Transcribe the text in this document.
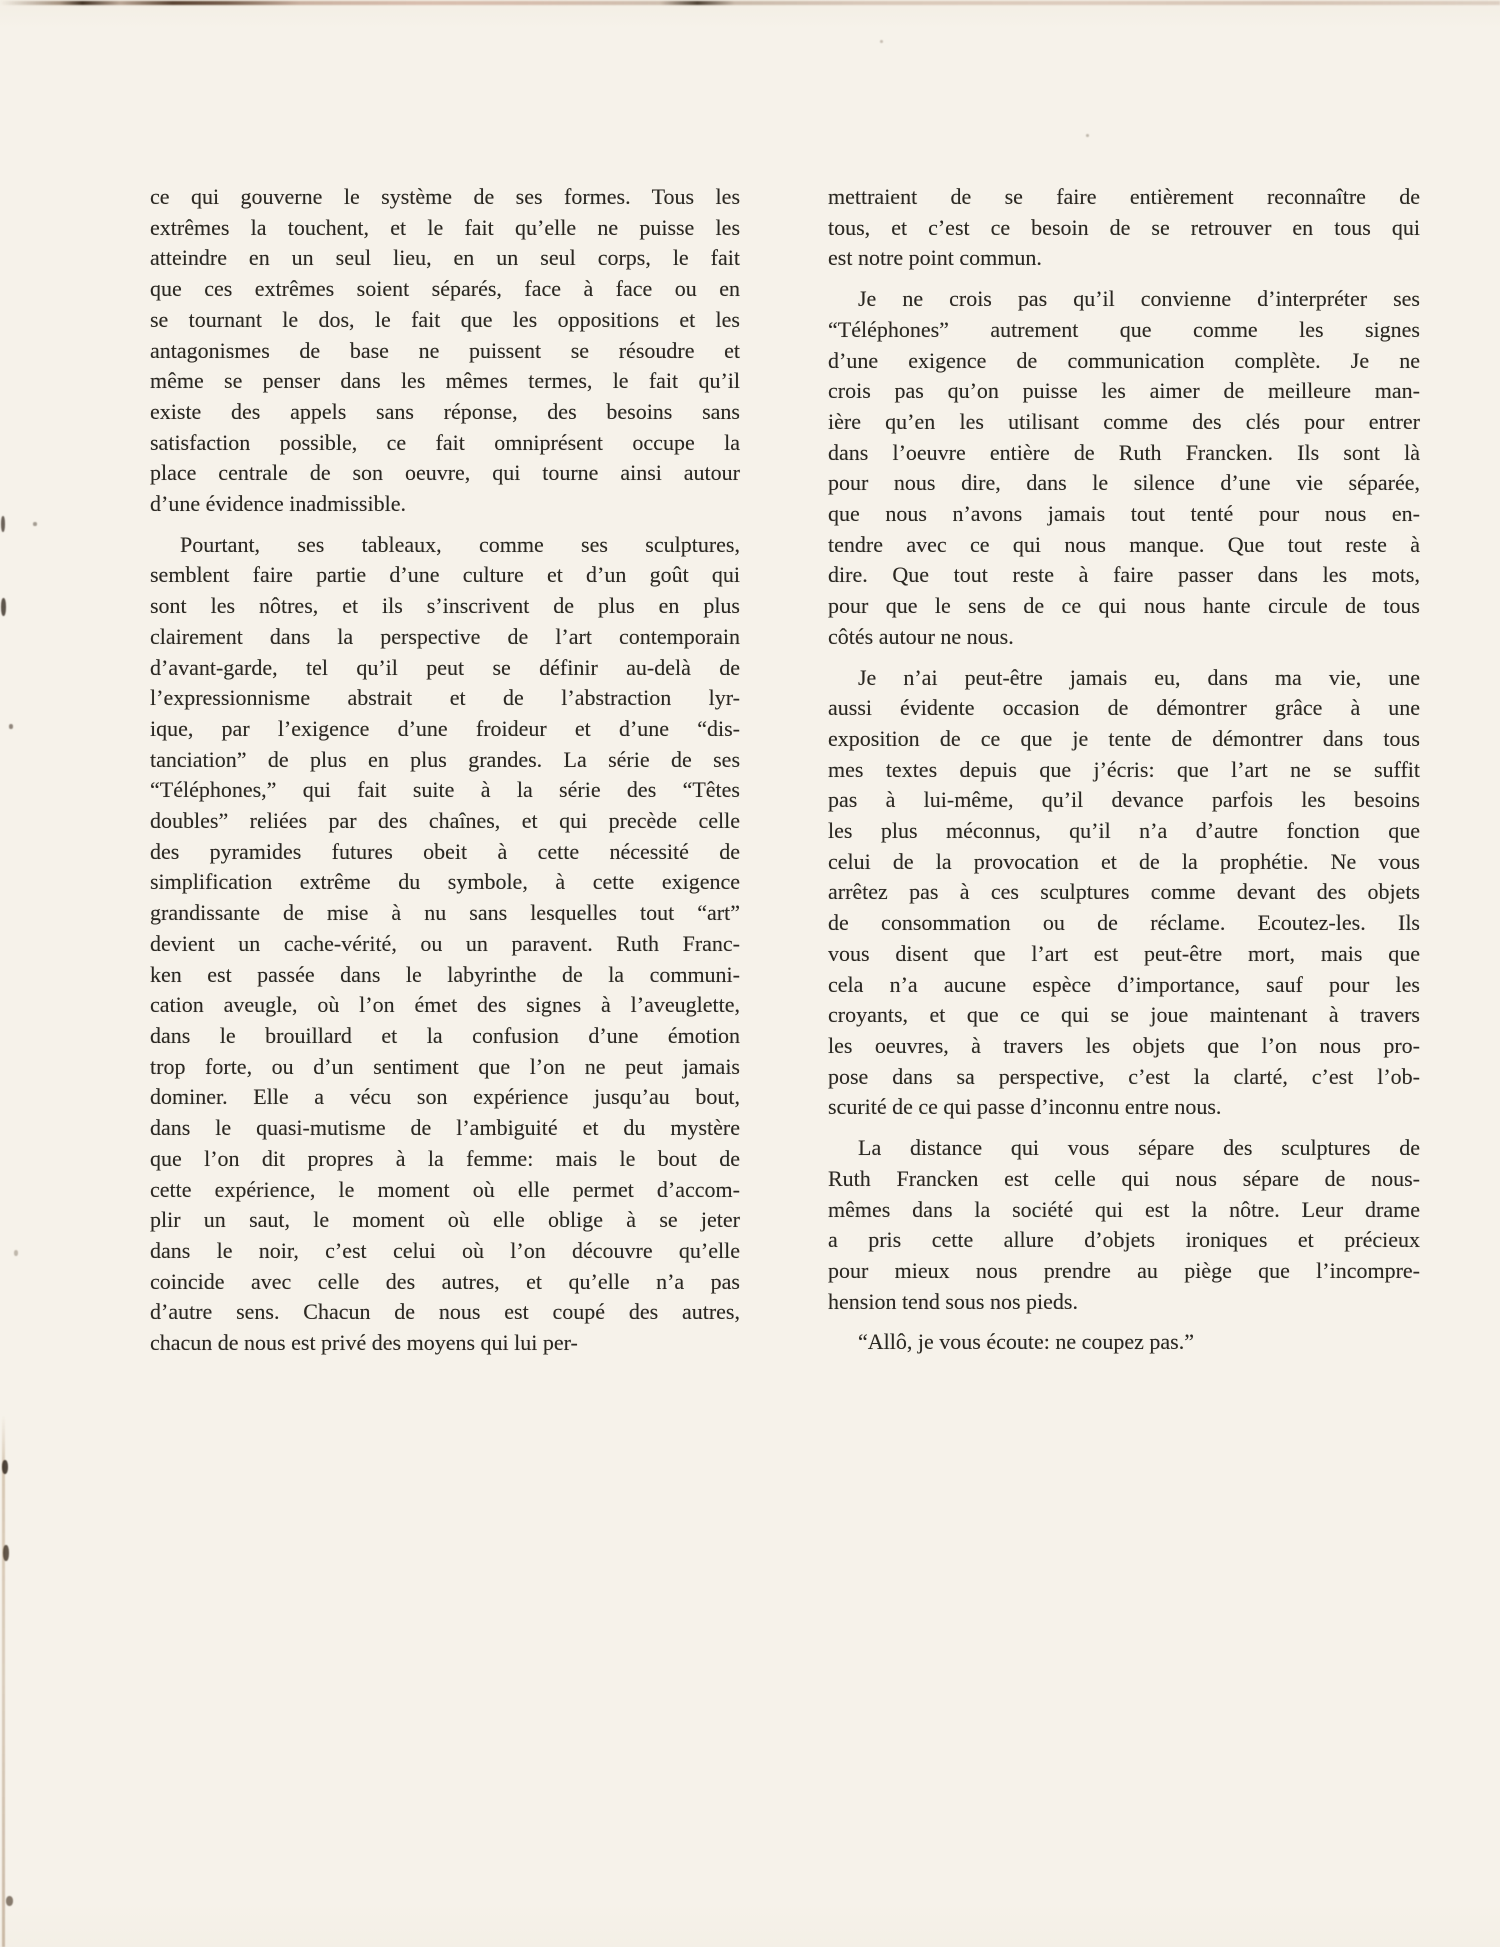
ce qui gouverne le système de ses formes. Tous les
extrêmes la touchent, et le fait qu’elle ne puisse les
atteindre en un seul lieu, en un seul corps, le fait
que ces extrêmes soient séparés, face à face ou en
se tournant le dos, le fait que les oppositions et les
antagonismes de base ne puissent se résoudre et
même se penser dans les mêmes termes, le fait qu’il
existe des appels sans réponse, des besoins sans
satisfaction possible, ce fait omniprésent occupe la
place centrale de son oeuvre, qui tourne ainsi autour
d’une évidence inadmissible.
Pourtant, ses tableaux, comme ses sculptures,
semblent faire partie d’une culture et d’un goût qui
sont les nôtres, et ils s’inscrivent de plus en plus
clairement dans la perspective de l’art contemporain
d’avant-garde, tel qu’il peut se définir au-delà de
l’expressionnisme abstrait et de l’abstraction lyr-
ique, par l’exigence d’une froideur et d’une “dis-
tanciation” de plus en plus grandes. La série de ses
“Téléphones,” qui fait suite à la série des “Têtes
doubles” reliées par des chaînes, et qui precède celle
des pyramides futures obeit à cette nécessité de
simplification extrême du symbole, à cette exigence
grandissante de mise à nu sans lesquelles tout “art”
devient un cache-vérité, ou un paravent. Ruth Franc-
ken est passée dans le labyrinthe de la communi-
cation aveugle, où l’on émet des signes à l’aveuglette,
dans le brouillard et la confusion d’une émotion
trop forte, ou d’un sentiment que l’on ne peut jamais
dominer. Elle a vécu son expérience jusqu’au bout,
dans le quasi-mutisme de l’ambiguité et du mystère
que l’on dit propres à la femme: mais le bout de
cette expérience, le moment où elle permet d’accom-
plir un saut, le moment où elle oblige à se jeter
dans le noir, c’est celui où l’on découvre qu’elle
coincide avec celle des autres, et qu’elle n’a pas
d’autre sens. Chacun de nous est coupé des autres,
chacun de nous est privé des moyens qui lui per-
mettraient de se faire entièrement reconnaître de
tous, et c’est ce besoin de se retrouver en tous qui
est notre point commun.
Je ne crois pas qu’il convienne d’interpréter ses
“Téléphones” autrement que comme les signes
d’une exigence de communication complète. Je ne
crois pas qu’on puisse les aimer de meilleure man-
ière qu’en les utilisant comme des clés pour entrer
dans l’oeuvre entière de Ruth Francken. Ils sont là
pour nous dire, dans le silence d’une vie séparée,
que nous n’avons jamais tout tenté pour nous en-
tendre avec ce qui nous manque. Que tout reste à
dire. Que tout reste à faire passer dans les mots,
pour que le sens de ce qui nous hante circule de tous
côtés autour ne nous.
Je n’ai peut-être jamais eu, dans ma vie, une
aussi évidente occasion de démontrer grâce à une
exposition de ce que je tente de démontrer dans tous
mes textes depuis que j’écris: que l’art ne se suffit
pas à lui-même, qu’il devance parfois les besoins
les plus méconnus, qu’il n’a d’autre fonction que
celui de la provocation et de la prophétie. Ne vous
arrêtez pas à ces sculptures comme devant des objets
de consommation ou de réclame. Ecoutez-les. Ils
vous disent que l’art est peut-être mort, mais que
cela n’a aucune espèce d’importance, sauf pour les
croyants, et que ce qui se joue maintenant à travers
les oeuvres, à travers les objets que l’on nous pro-
pose dans sa perspective, c’est la clarté, c’est l’ob-
scurité de ce qui passe d’inconnu entre nous.
La distance qui vous sépare des sculptures de
Ruth Francken est celle qui nous sépare de nous-
mêmes dans la société qui est la nôtre. Leur drame
a pris cette allure d’objets ironiques et précieux
pour mieux nous prendre au piège que l’incompre-
hension tend sous nos pieds.
“Allô, je vous écoute: ne coupez pas.”
